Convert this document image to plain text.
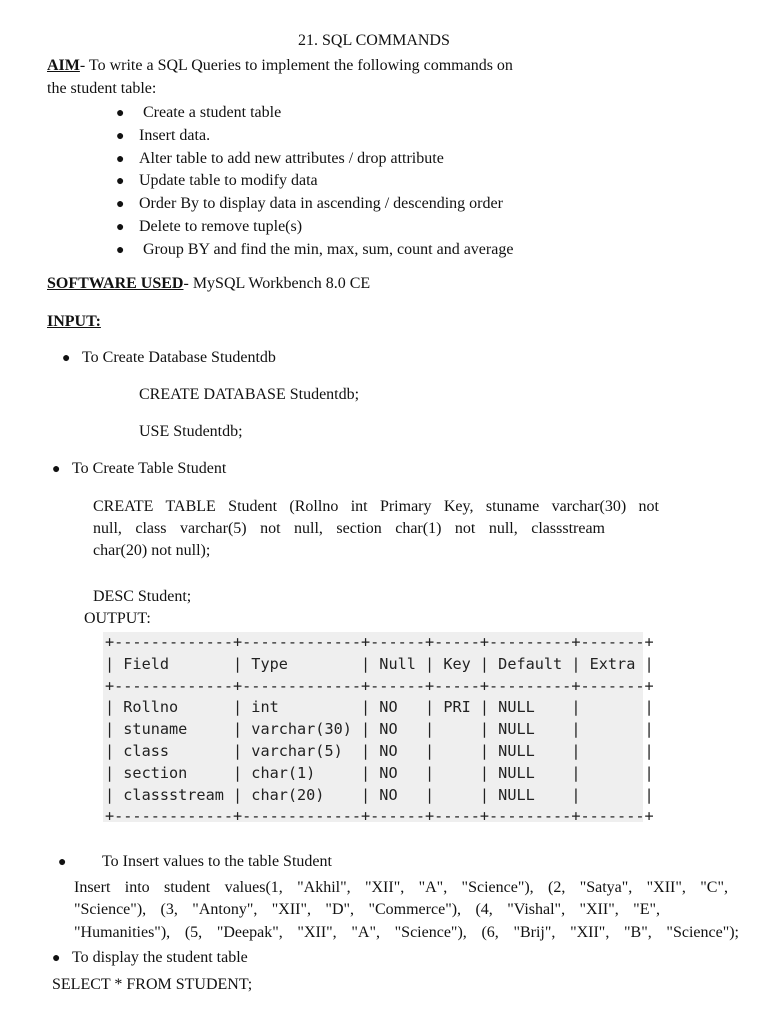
21. SQL COMMANDS
AIM- To write a SQL Queries to implement the following commands on
the student table:
● Create a student table
● Insert data.
● Alter table to add new attributes / drop attribute
● Update table to modify data
● Order By to display data in ascending / descending order
● Delete to remove tuple(s)
● Group BY and find the min, max, sum, count and average
SOFTWARE USED- MySQL Workbench 8.0 CE
INPUT:
● To Create Database Studentdb
CREATE DATABASE Studentdb;
USE Studentdb;
● To Create Table Student
CREATE TABLE Student (Rollno int Primary Key, stuname varchar(30) not
null, class varchar(5) not null, section char(1) not null, classstream
char(20) not null);
DESC Student;
OUTPUT:
+-------------+-------------+------+-----+---------+-------+
| Field       | Type        | Null | Key | Default | Extra |
+-------------+-------------+------+-----+---------+-------+
| Rollno      | int         | NO   | PRI | NULL    |       |
| stuname     | varchar(30) | NO   |     | NULL    |       |
| class       | varchar(5)  | NO   |     | NULL    |       |
| section     | char(1)     | NO   |     | NULL    |       |
| classstream | char(20)    | NO   |     | NULL    |       |
+-------------+-------------+------+-----+---------+-------+
● To Insert values to the table Student
Insert into student values(1, "Akhil", "XII", "A", "Science"), (2, "Satya", "XII", "C",
"Science"), (3, "Antony", "XII", "D", "Commerce"), (4, "Vishal", "XII", "E",
"Humanities"), (5, "Deepak", "XII", "A", "Science"), (6, "Brij", "XII", "B", "Science");
● To display the student table
SELECT * FROM STUDENT;
